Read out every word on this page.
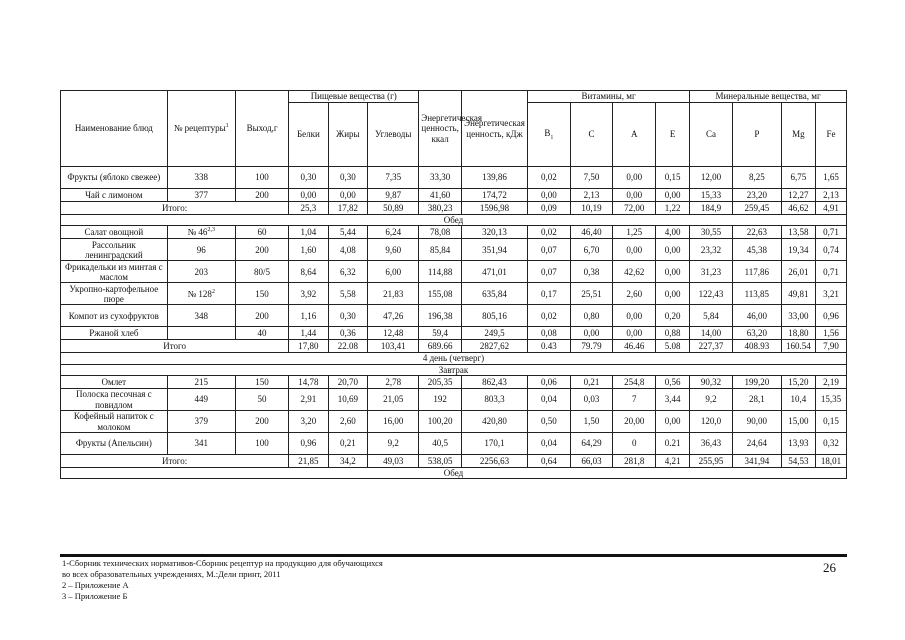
Наименование блюд	№ рецептуры$^1$	Выход,г	Пищевые вещества (г)			Энергетическая ценность, ккал	Энергетическая ценность, кДж	Витамины, мг				Минеральные вещества, мг			
			Белки	Жиры	Углеводы			$B_1$	C	A	E	Ca	P	Mg	Fe
Фрукты (яблоко свежее)	338	100	0,30	0,30	7,35	33,30	139,86	0,02	7,50	0,00	0,15	12,00	8,25	6,75	1,65
Чай с лимоном	377	200	0,00	0,00	9,87	41,60	174,72	0,00	2,13	0,00	0,00	15,33	23,20	12,27	2,13
Итого:			25,3	17,82	50,89	380,23	1596,98	0,09	10,19	72,00	1,22	184,9	259,45	46,62	4,91
Обед															
Салат овощной	№ 46$^{2,3}$	60	1,04	5,44	6,24	78,08	320,13	0,02	46,40	1,25	4,00	30,55	22,63	13,58	0,71
Рассольник ленинградский	96	200	1,60	4,08	9,60	85,84	351,94	0,07	6,70	0,00	0,00	23,32	45,38	19,34	0,74
Фрикадельки из минтая с маслом	203	80/5	8,64	6,32	6,00	114,88	471,01	0,07	0,38	42,62	0,00	31,23	117,86	26,01	0,71
Укропно-картофельное пюре	№ $128^2$	150	3,92	5,58	21,83	155,08	635,84	0,17	25,51	2,60	0,00	122,43	113,85	49,81	3,21
Компот из сухофруктов	348	200	1,16	0,30	47,26	196,38	805,16	0,02	0,80	0,00	0,20	5,84	46,00	33,00	0,96
Ржаной хлеб		40	1,44	0,36	12,48	59,4	249,5	0,08	0,00	0,00	0,88	14,00	63,20	18,80	1,56
Итого			17,80	22.08	103,41	689.66	2827,62	0.43	79.79	46.46	5.08	227,37	408.93	160.54	7,90
4 день (четверг)															
Завтрак															
Омлет	215	150	14,78	20,70	2,78	205,35	862,43	0,06	0,21	254,8	0,56	90,32	199,20	15,20	2,19
Полоска песочная с повидлом	449	50	2,91	10,69	21,05	192	803,3	0,04	0,03	7	3,44	9,2	28,1	10,4	15,35
Кофейный напиток с молоком	379	200	3,20	2,60	16,00	100,20	420,80	0,50	1,50	20,00	0,00	120,0	90,00	15,00	0,15
Фрукты (Апельсин)	341	100	0,96	0,21	9,2	40,5	170,1	0,04	64,29	0	0.21	36,43	24,64	13,93	0,32
Итого:			21,85	34,2	49,03	538,05	2256,63	0,64	66,03	281,8	4,21	255,95	341,94	54,53	18,01
Обед															
1-Сборник технических нормативов-Сборник рецептур на продукцию для обучающихся
во всех образовательных учреждениях, М.:Дели принт, 2011
2 – Приложение А
3 – Приложение Б
26
